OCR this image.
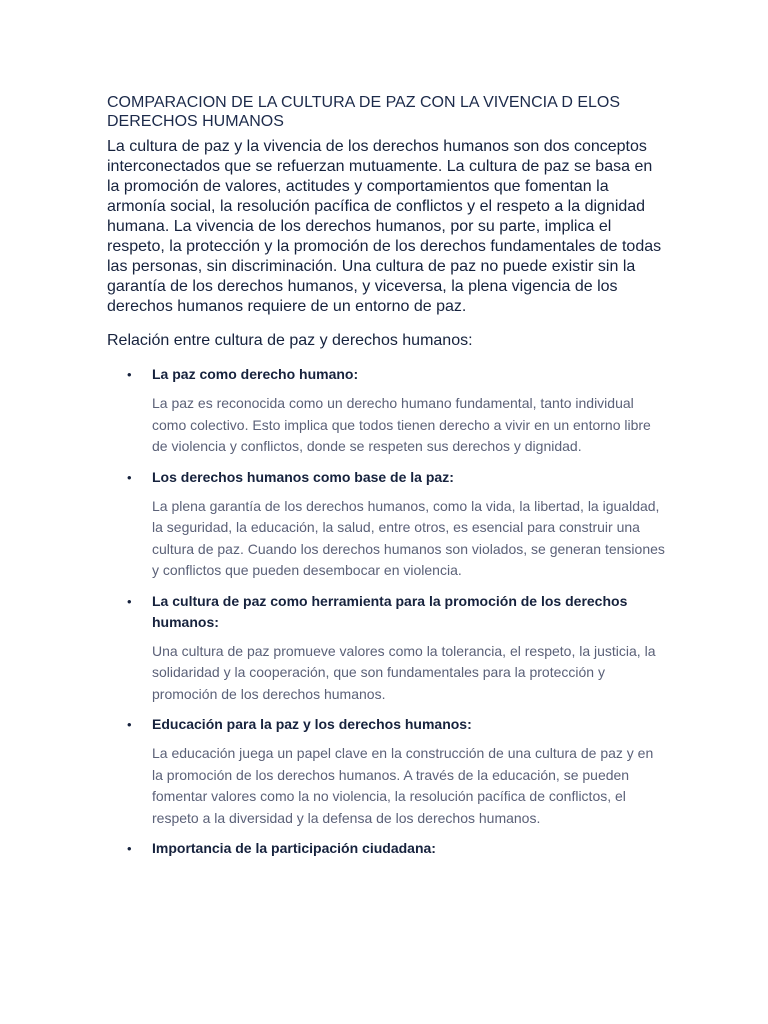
COMPARACION DE LA CULTURA DE PAZ CON LA VIVENCIA D ELOS DERECHOS HUMANOS

La cultura de paz y la vivencia de los derechos humanos son dos conceptos interconectados que se refuerzan mutuamente. La cultura de paz se basa en la promoción de valores, actitudes y comportamientos que fomentan la armonía social, la resolución pacífica de conflictos y el respeto a la dignidad humana. La vivencia de los derechos humanos, por su parte, implica el respeto, la protección y la promoción de los derechos fundamentales de todas las personas, sin discriminación. Una cultura de paz no puede existir sin la garantía de los derechos humanos, y viceversa, la plena vigencia de los derechos humanos requiere de un entorno de paz.

Relación entre cultura de paz y derechos humanos:

• La paz como derecho humano:
La paz es reconocida como un derecho humano fundamental, tanto individual como colectivo. Esto implica que todos tienen derecho a vivir en un entorno libre de violencia y conflictos, donde se respeten sus derechos y dignidad.
• Los derechos humanos como base de la paz:
La plena garantía de los derechos humanos, como la vida, la libertad, la igualdad, la seguridad, la educación, la salud, entre otros, es esencial para construir una cultura de paz. Cuando los derechos humanos son violados, se generan tensiones y conflictos que pueden desembocar en violencia.
• La cultura de paz como herramienta para la promoción de los derechos humanos:
Una cultura de paz promueve valores como la tolerancia, el respeto, la justicia, la solidaridad y la cooperación, que son fundamentales para la protección y promoción de los derechos humanos.
• Educación para la paz y los derechos humanos:
La educación juega un papel clave en la construcción de una cultura de paz y en la promoción de los derechos humanos. A través de la educación, se pueden fomentar valores como la no violencia, la resolución pacífica de conflictos, el respeto a la diversidad y la defensa de los derechos humanos.
• Importancia de la participación ciudadana:
